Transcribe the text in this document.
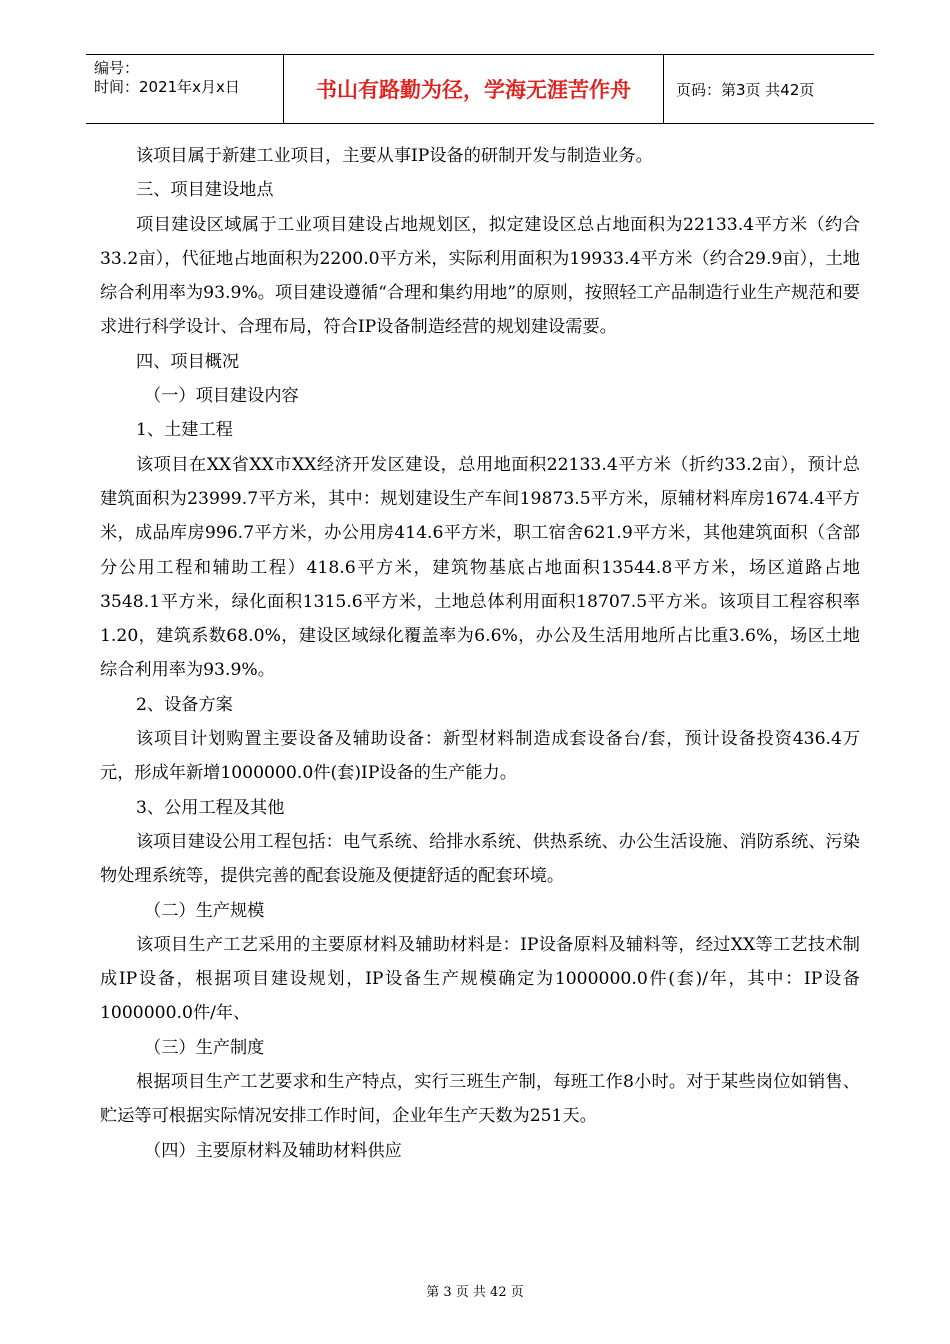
编号：
时间：2021年x月x日	书山有路勤为径，学海无涯苦作舟	页码：第3页 共42页

该项目属于新建工业项目，主要从事IP设备的研制开发与制造业务。

三、项目建设地点

项目建设区域属于工业项目建设占地规划区，拟定建设区总占地面积为22133.4平方米（约合33.2亩），代征地占地面积为2200.0平方米，实际利用面积为19933.4平方米（约合29.9亩），土地综合利用率为93.9%。项目建设遵循“合理和集约用地”的原则，按照轻工产品制造行业生产规范和要求进行科学设计、合理布局，符合IP设备制造经营的规划建设需要。

四、项目概况

（一）项目建设内容

1、土建工程

该项目在XX省XX市XX经济开发区建设，总用地面积22133.4平方米（折约33.2亩），预计总建筑面积为23999.7平方米，其中：规划建设生产车间19873.5平方米，原辅材料库房1674.4平方米，成品库房996.7平方米，办公用房414.6平方米，职工宿舍621.9平方米，其他建筑面积（含部分公用工程和辅助工程）418.6平方米，建筑物基底占地面积13544.8平方米，场区道路占地3548.1平方米，绿化面积1315.6平方米，土地总体利用面积18707.5平方米。该项目工程容积率1.20，建筑系数68.0%，建设区域绿化覆盖率为6.6%，办公及生活用地所占比重3.6%，场区土地综合利用率为93.9%。

2、设备方案

该项目计划购置主要设备及辅助设备：新型材料制造成套设备台/套，预计设备投资436.4万元，形成年新增1000000.0件(套)IP设备的生产能力。

3、公用工程及其他

该项目建设公用工程包括：电气系统、给排水系统、供热系统、办公生活设施、消防系统、污染物处理系统等，提供完善的配套设施及便捷舒适的配套环境。

（二）生产规模

该项目生产工艺采用的主要原材料及辅助材料是：IP设备原料及辅料等，经过XX等工艺技术制成IP设备，根据项目建设规划，IP设备生产规模确定为1000000.0件(套)/年，其中：IP设备1000000.0件/年、

（三）生产制度

根据项目生产工艺要求和生产特点，实行三班生产制，每班工作8小时。对于某些岗位如销售、贮运等可根据实际情况安排工作时间，企业年生产天数为251天。

（四）主要原材料及辅助材料供应

第 3 页 共 42 页
